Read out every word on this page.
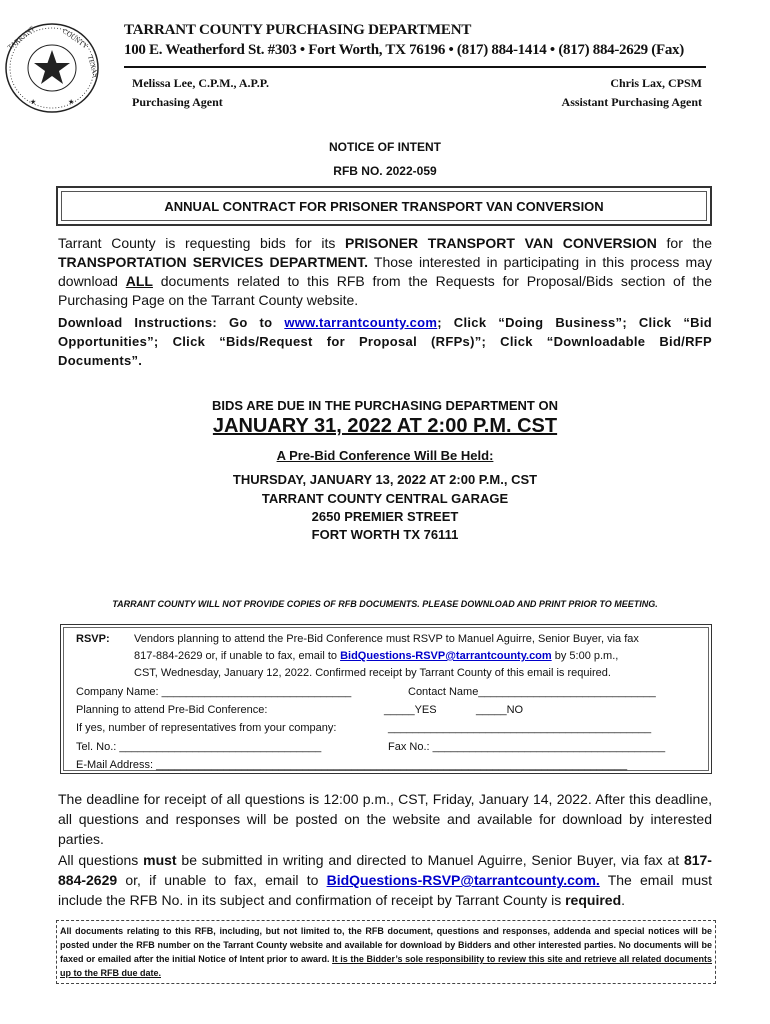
★	★
TARRANT	COUNTY
TEXAS
TARRANT COUNTY PURCHASING DEPARTMENT
100 E. Weatherford St. #303 • Fort Worth, TX 76196 • (817) 884-1414 • (817) 884-2629 (Fax)
Melissa Lee, C.P.M., A.P.P.
Purchasing Agent
Chris Lax, CPSM
Assistant Purchasing Agent
NOTICE OF INTENT
RFB NO. 2022-059
ANNUAL CONTRACT FOR PRISONER TRANSPORT VAN CONVERSION
Tarrant County is requesting bids for its PRISONER TRANSPORT VAN CONVERSION for the TRANSPORTATION SERVICES DEPARTMENT. Those interested in participating in this process may download ALL documents related to this RFB from the Requests for Proposal/Bids section of the Purchasing Page on the Tarrant County website.
Download Instructions: Go to www.tarrantcounty.com; Click “Doing Business”; Click “Bid Opportunities”; Click “Bids/Request for Proposal (RFPs)”; Click “Downloadable Bid/RFP Documents”.
BIDS ARE DUE IN THE PURCHASING DEPARTMENT ON
JANUARY 31, 2022 AT 2:00 P.M. CST
A Pre-Bid Conference Will Be Held:
THURSDAY, JANUARY 13, 2022 AT 2:00 P.M., CST
TARRANT COUNTY CENTRAL GARAGE
2650 PREMIER STREET
FORT WORTH TX 76111
TARRANT COUNTY WILL NOT PROVIDE COPIES OF RFB DOCUMENTS. PLEASE DOWNLOAD AND PRINT PRIOR TO MEETING.
RSVP: Vendors planning to attend the Pre-Bid Conference must RSVP to Manuel Aguirre, Senior Buyer, via fax
817-884-2629 or, if unable to fax, email to BidQuestions-RSVP@tarrantcounty.com by 5:00 p.m.,
CST, Wednesday, January 12, 2022. Confirmed receipt by Tarrant County of this email is required.
Company Name: _______________________________	Contact Name_____________________________
Planning to attend Pre-Bid Conference:	_____YES	_____NO
If yes, number of representatives from your company:	___________________________________________
Tel. No.: _________________________________	Fax No.: ______________________________________
E-Mail Address: _____________________________________________________________________________
The deadline for receipt of all questions is 12:00 p.m., CST, Friday, January 14, 2022. After this deadline, all questions and responses will be posted on the website and available for download by interested parties.
All questions must be submitted in writing and directed to Manuel Aguirre, Senior Buyer, via fax at 817-884-2629 or, if unable to fax, email to BidQuestions-RSVP@tarrantcounty.com. The email must include the RFB No. in its subject and confirmation of receipt by Tarrant County is required.
All documents relating to this RFB, including, but not limited to, the RFB document, questions and responses, addenda and special notices will be posted under the RFB number on the Tarrant County website and available for download by Bidders and other interested parties. No documents will be faxed or emailed after the initial Notice of Intent prior to award. It is the Bidder’s sole responsibility to review this site and retrieve all related documents up to the RFB due date.
